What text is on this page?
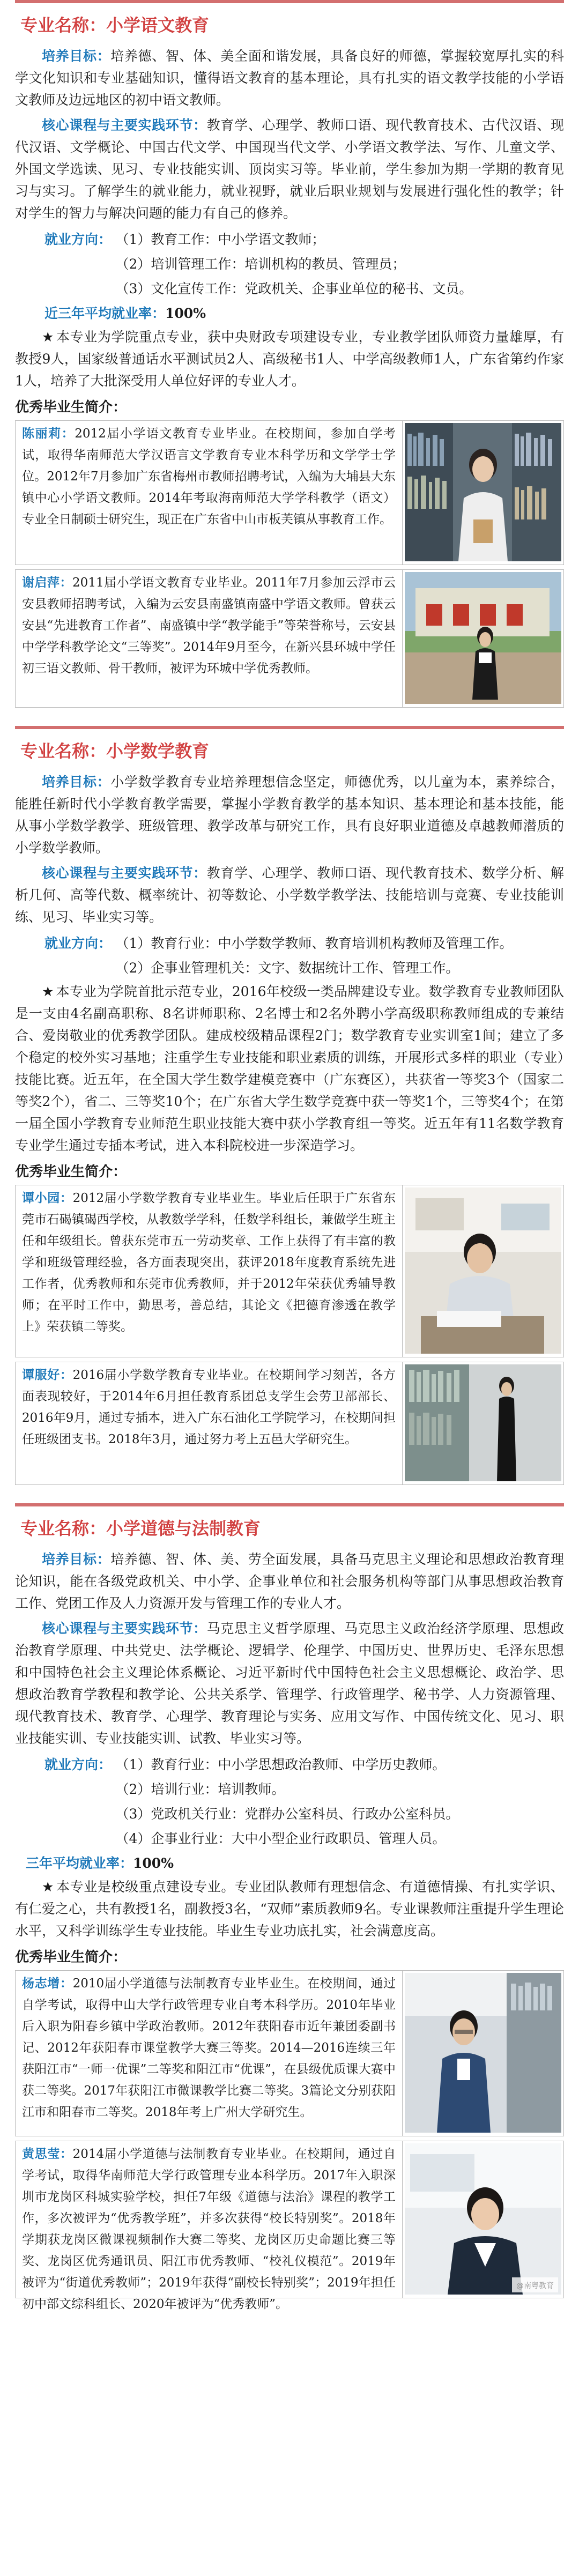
专业名称： 小学语文教育

培养目标：培养德、智、体、美全面和谐发展，具备良好的师德，掌握较宽厚扎实的科学文化知识和专业基础知识，懂得语文教育的基本理论，具有扎实的语文教学技能的小学语文教师及边远地区的初中语文教师。

核心课程与主要实践环节：教育学、心理学、教师口语、现代教育技术、古代汉语、现代汉语、文学概论、中国古代文学、中国现当代文学、小学语文教学法、写作、儿童文学、外国文学选读、见习、专业技能实训、顶岗实习等。毕业前，学生参加为期一学期的教育见习与实习。了解学生的就业能力，就业视野，就业后职业规划与发展进行强化性的教学；针对学生的智力与解决问题的能力有自己的修养。

就业方向： （1）教育工作：中小学语文教师；
（2）培训管理工作：培训机构的教员、管理员；
（3）文化宣传工作：党政机关、企事业单位的秘书、文员。
近三年平均就业率：100%

★ 本专业为学院重点专业，获中央财政专项建设专业，专业教学团队师资力量雄厚，有教授9人，国家级普通话水平测试员2人、高级秘书1人、中学高级教师1人，广东省第约作家1人，培养了大批深受用人单位好评的专业人才。

优秀毕业生简介：
陈丽莉：2012届小学语文教育专业毕业。在校期间，参加自学考试，取得华南师范大学汉语言文学教育专业本科学历和文学学士学位。2012年7月参加广东省梅州市教师招聘考试，入编为大埔县大东镇中心小学语文教师。2014年考取海南师范大学学科教学（语文）专业全日制硕士研究生，现正在广东省中山市板芙镇从事教育工作。
谢启萍：2011届小学语文教育专业毕业。2011年7月参加云浮市云安县教师招聘考试，入编为云安县南盛镇南盛中学语文教师。曾获云安县“先进教育工作者”、南盛镇中学“教学能手”等荣誉称号，云安县中学学科教学论文“三等奖”。2014年9月至今，在新兴县环城中学任初三语文教师、骨干教师，被评为环城中学优秀教师。
专业名称： 小学数学教育

培养目标：小学数学教育专业培养理想信念坚定，师德优秀，以儿童为本，素养综合，能胜任新时代小学教育教学需要，掌握小学教育教学的基本知识、基本理论和基本技能，能从事小学数学教学、班级管理、教学改革与研究工作，具有良好职业道德及卓越教师潜质的小学数学教师。

核心课程与主要实践环节：教育学、心理学、教师口语、现代教育技术、数学分析、解析几何、高等代数、概率统计、初等数论、小学数学教学法、技能培训与竞赛、专业技能训练、见习、毕业实习等。

就业方向： （1）教育行业：中小学数学教师、教育培训机构教师及管理工作。
（2）企事业管理机关：文字、数据统计工作、管理工作。

★ 本专业为学院首批示范专业，2016年校级一类品牌建设专业。数学教育专业教师团队是一支由4名副高职称、8名讲师职称、2名博士和2名外聘小学高级职称教师组成的专兼结合、爱岗敬业的优秀教学团队。建成校级精品课程2门；数学教育专业实训室1间；建立了多个稳定的校外实习基地；注重学生专业技能和职业素质的训练，开展形式多样的职业（专业）技能比赛。近五年，在全国大学生数学建模竞赛中（广东赛区），共获省一等奖3个（国家二等奖2个），省二、三等奖10个；在广东省大学生数学竞赛中获一等奖1个，三等奖4个；在第一届全国小学教育专业师范生职业技能大赛中获小学教育组一等奖。近五年有11名数学教育专业学生通过专插本考试，进入本科院校进一步深造学习。

优秀毕业生简介：
谭小园：2012届小学数学教育专业毕业生。毕业后任职于广东省东莞市石碣镇碣西学校，从教数学学科，任数学科组长，兼做学生班主任和年级组长。曾获东莞市五一劳动奖章、工作上获得了有丰富的教学和班级管理经验，各方面表现突出，获评2018年度教育系统先进工作者，优秀教师和东莞市优秀教师，并于2012年荣获优秀辅导教师；在平时工作中，勤思考，善总结，其论文《把德育渗透在教学上》荣获镇二等奖。
谭服好：2016届小学数学教育专业毕业。在校期间学习刻苦，各方面表现较好，于2014年6月担任教育系团总支学生会劳卫部部长、2016年9月，通过专插本，进入广东石油化工学院学习，在校期间担任班级团支书。2018年3月，通过努力考上五邑大学研究生。
专业名称： 小学道德与法制教育

培养目标：培养德、智、体、美、劳全面发展，具备马克思主义理论和思想政治教育理论知识，能在各级党政机关、中小学、企事业单位和社会服务机构等部门从事思想政治教育工作、党团工作及人力资源开发与管理工作的专业人才。

核心课程与主要实践环节：马克思主义哲学原理、马克思主义政治经济学原理、思想政治教育学原理、中共党史、法学概论、逻辑学、伦理学、中国历史、世界历史、毛泽东思想和中国特色社会主义理论体系概论、习近平新时代中国特色社会主义思想概论、政治学、思想政治教育学教程和教学论、公共关系学、管理学、行政管理学、秘书学、人力资源管理、现代教育技术、教育学、心理学、教育理论与实务、应用文写作、中国传统文化、见习、职业技能实训、专业技能实训、试教、毕业实习等。

就业方向： （1）教育行业：中小学思想政治教师、中学历史教师。
（2）培训行业：培训教师。
（3）党政机关行业：党群办公室科员、行政办公室科员。
（4）企事业行业：大中小型企业行政职员、管理人员。
三年平均就业率：100%

★ 本专业是校级重点建设专业。专业团队教师有理想信念、有道德情操、有扎实学识、有仁爱之心，共有教授1名，副教授3名，“双师”素质教师9名。专业课教师注重提升学生理论水平，又科学训练学生专业技能。毕业生专业功底扎实，社会满意度高。

优秀毕业生简介：
杨志增：2010届小学道德与法制教育专业毕业生。在校期间，通过自学考试，取得中山大学行政管理专业自考本科学历。2010年毕业后入职为阳春乡镇中学政治教师。2012年获阳春市近年兼团委副书记、2012年获阳春市课堂教学大赛三等奖。2014—2016连续三年获阳江市“一师一优课”二等奖和阳江市“优课”，在县级优质课大赛中获二等奖。2017年获阳江市微课教学比赛二等奖。3篇论文分别获阳江市和阳春市二等奖。2018年考上广州大学研究生。
黄思莹：2014届小学道德与法制教育专业毕业。在校期间，通过自学考试，取得华南师范大学行政管理专业本科学历。2017年入职深圳市龙岗区科城实验学校，担任7年级《道德与法治》课程的教学工作，多次被评为“优秀教学班”，并多次获得“校长特别奖”。2018年学期获龙岗区微课视频制作大赛二等奖、龙岗区历史命题比赛三等奖、龙岗区优秀通讯员、阳江市优秀教师、“校礼仪模范”。2019年被评为“街道优秀教师”；2019年获得“副校长特别奖”；2019年担任初中部文综科组长、2020年被评为“优秀教师”。
@南粤教育
